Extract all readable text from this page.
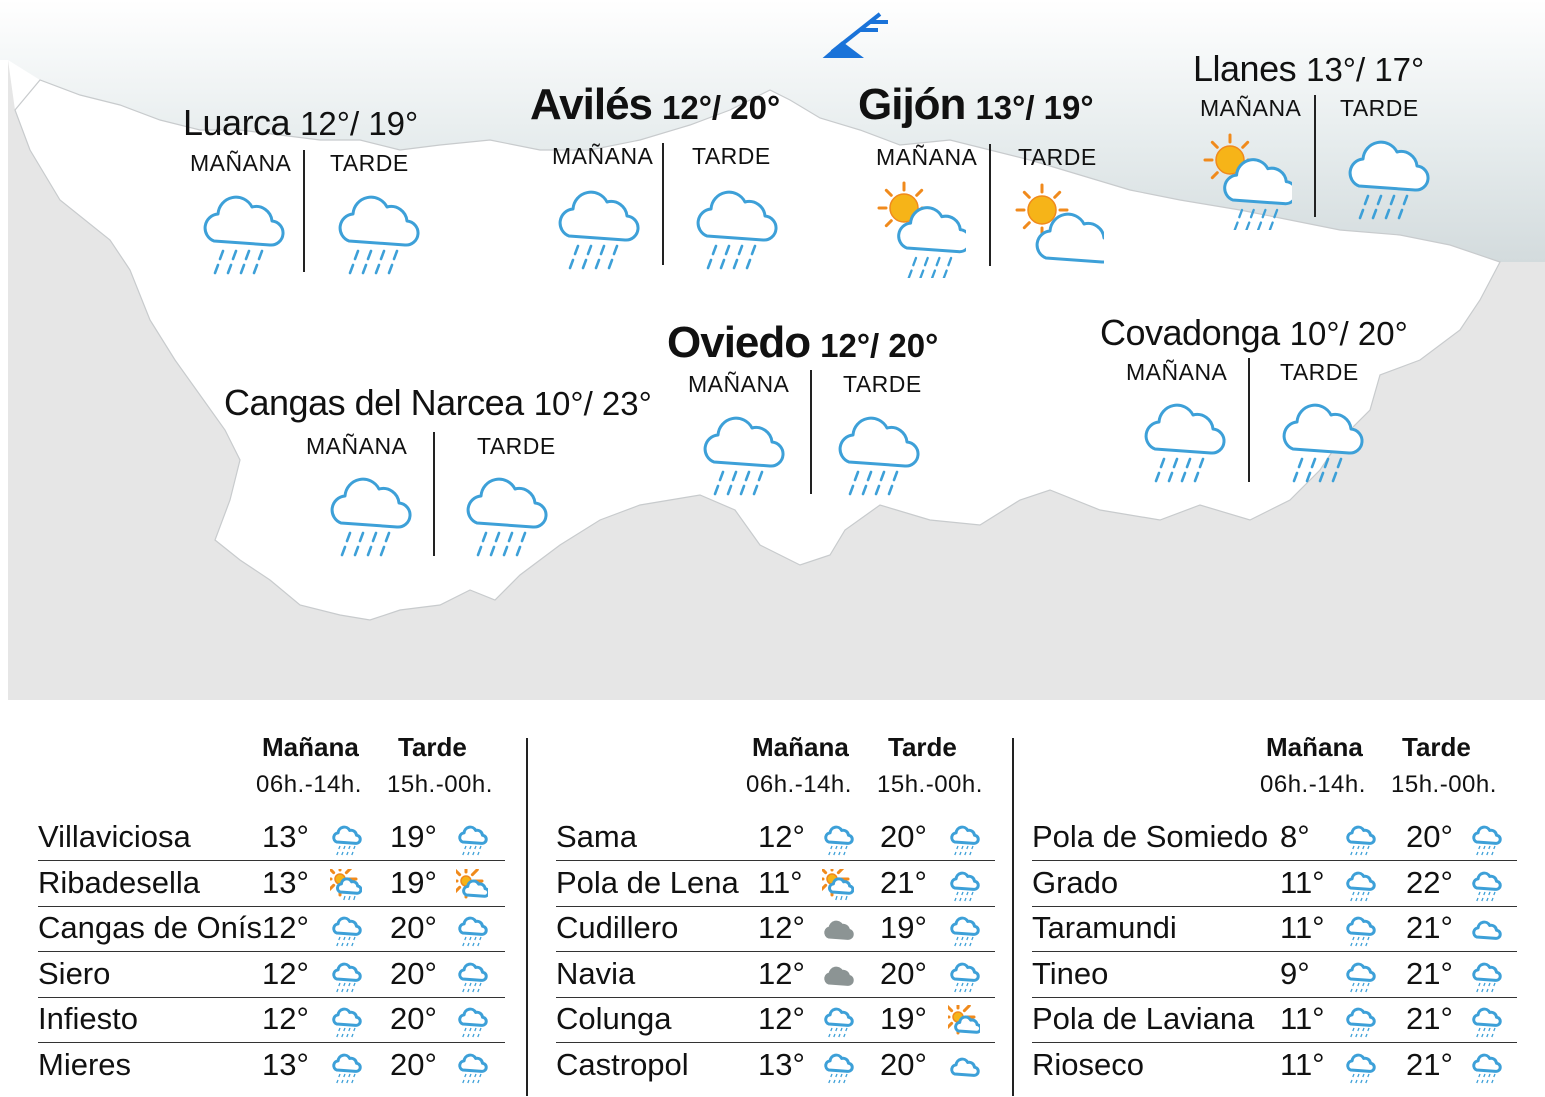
Luarca 12°/ 19°
MAÑANA TARDE
Avilés 12°/ 20°
MAÑANA TARDE
Gijón 13°/ 19°
MAÑANA TARDE
Llanes 13°/ 17°
MAÑANA TARDE
Cangas del Narcea 10°/ 23°
MAÑANA	TARDE
Oviedo 12°/ 20°
MAÑANA TARDE
Covadonga 10°/ 20°
MAÑANA TARDE
Mañana Tarde
06h.-14h. 15h.-00h.
Villaviciosa 13°	19°
Ribadesella 13°	19°
Cangas de Onís 12°	20°
Siero	12°	20°
Infiesto	12°	20°
Mieres	13°	20°
Mañana Tarde
06h.-14h. 15h.-00h.
Sama	12° 20°
Pola de Lena 11° 21°
Cudillero	12° 19°
Navia	12° 20°
Colunga	12° 19°
Castropol 13° 20°
Mañana Tarde
06h.-14h. 15h.-00h.
Pola de Somiedo 8°	20°
Grado	11°	22°
Taramundi	11°	21°
Tineo	9°	21°
Pola de Laviana 11°	21°
Rioseco	11°	21°
